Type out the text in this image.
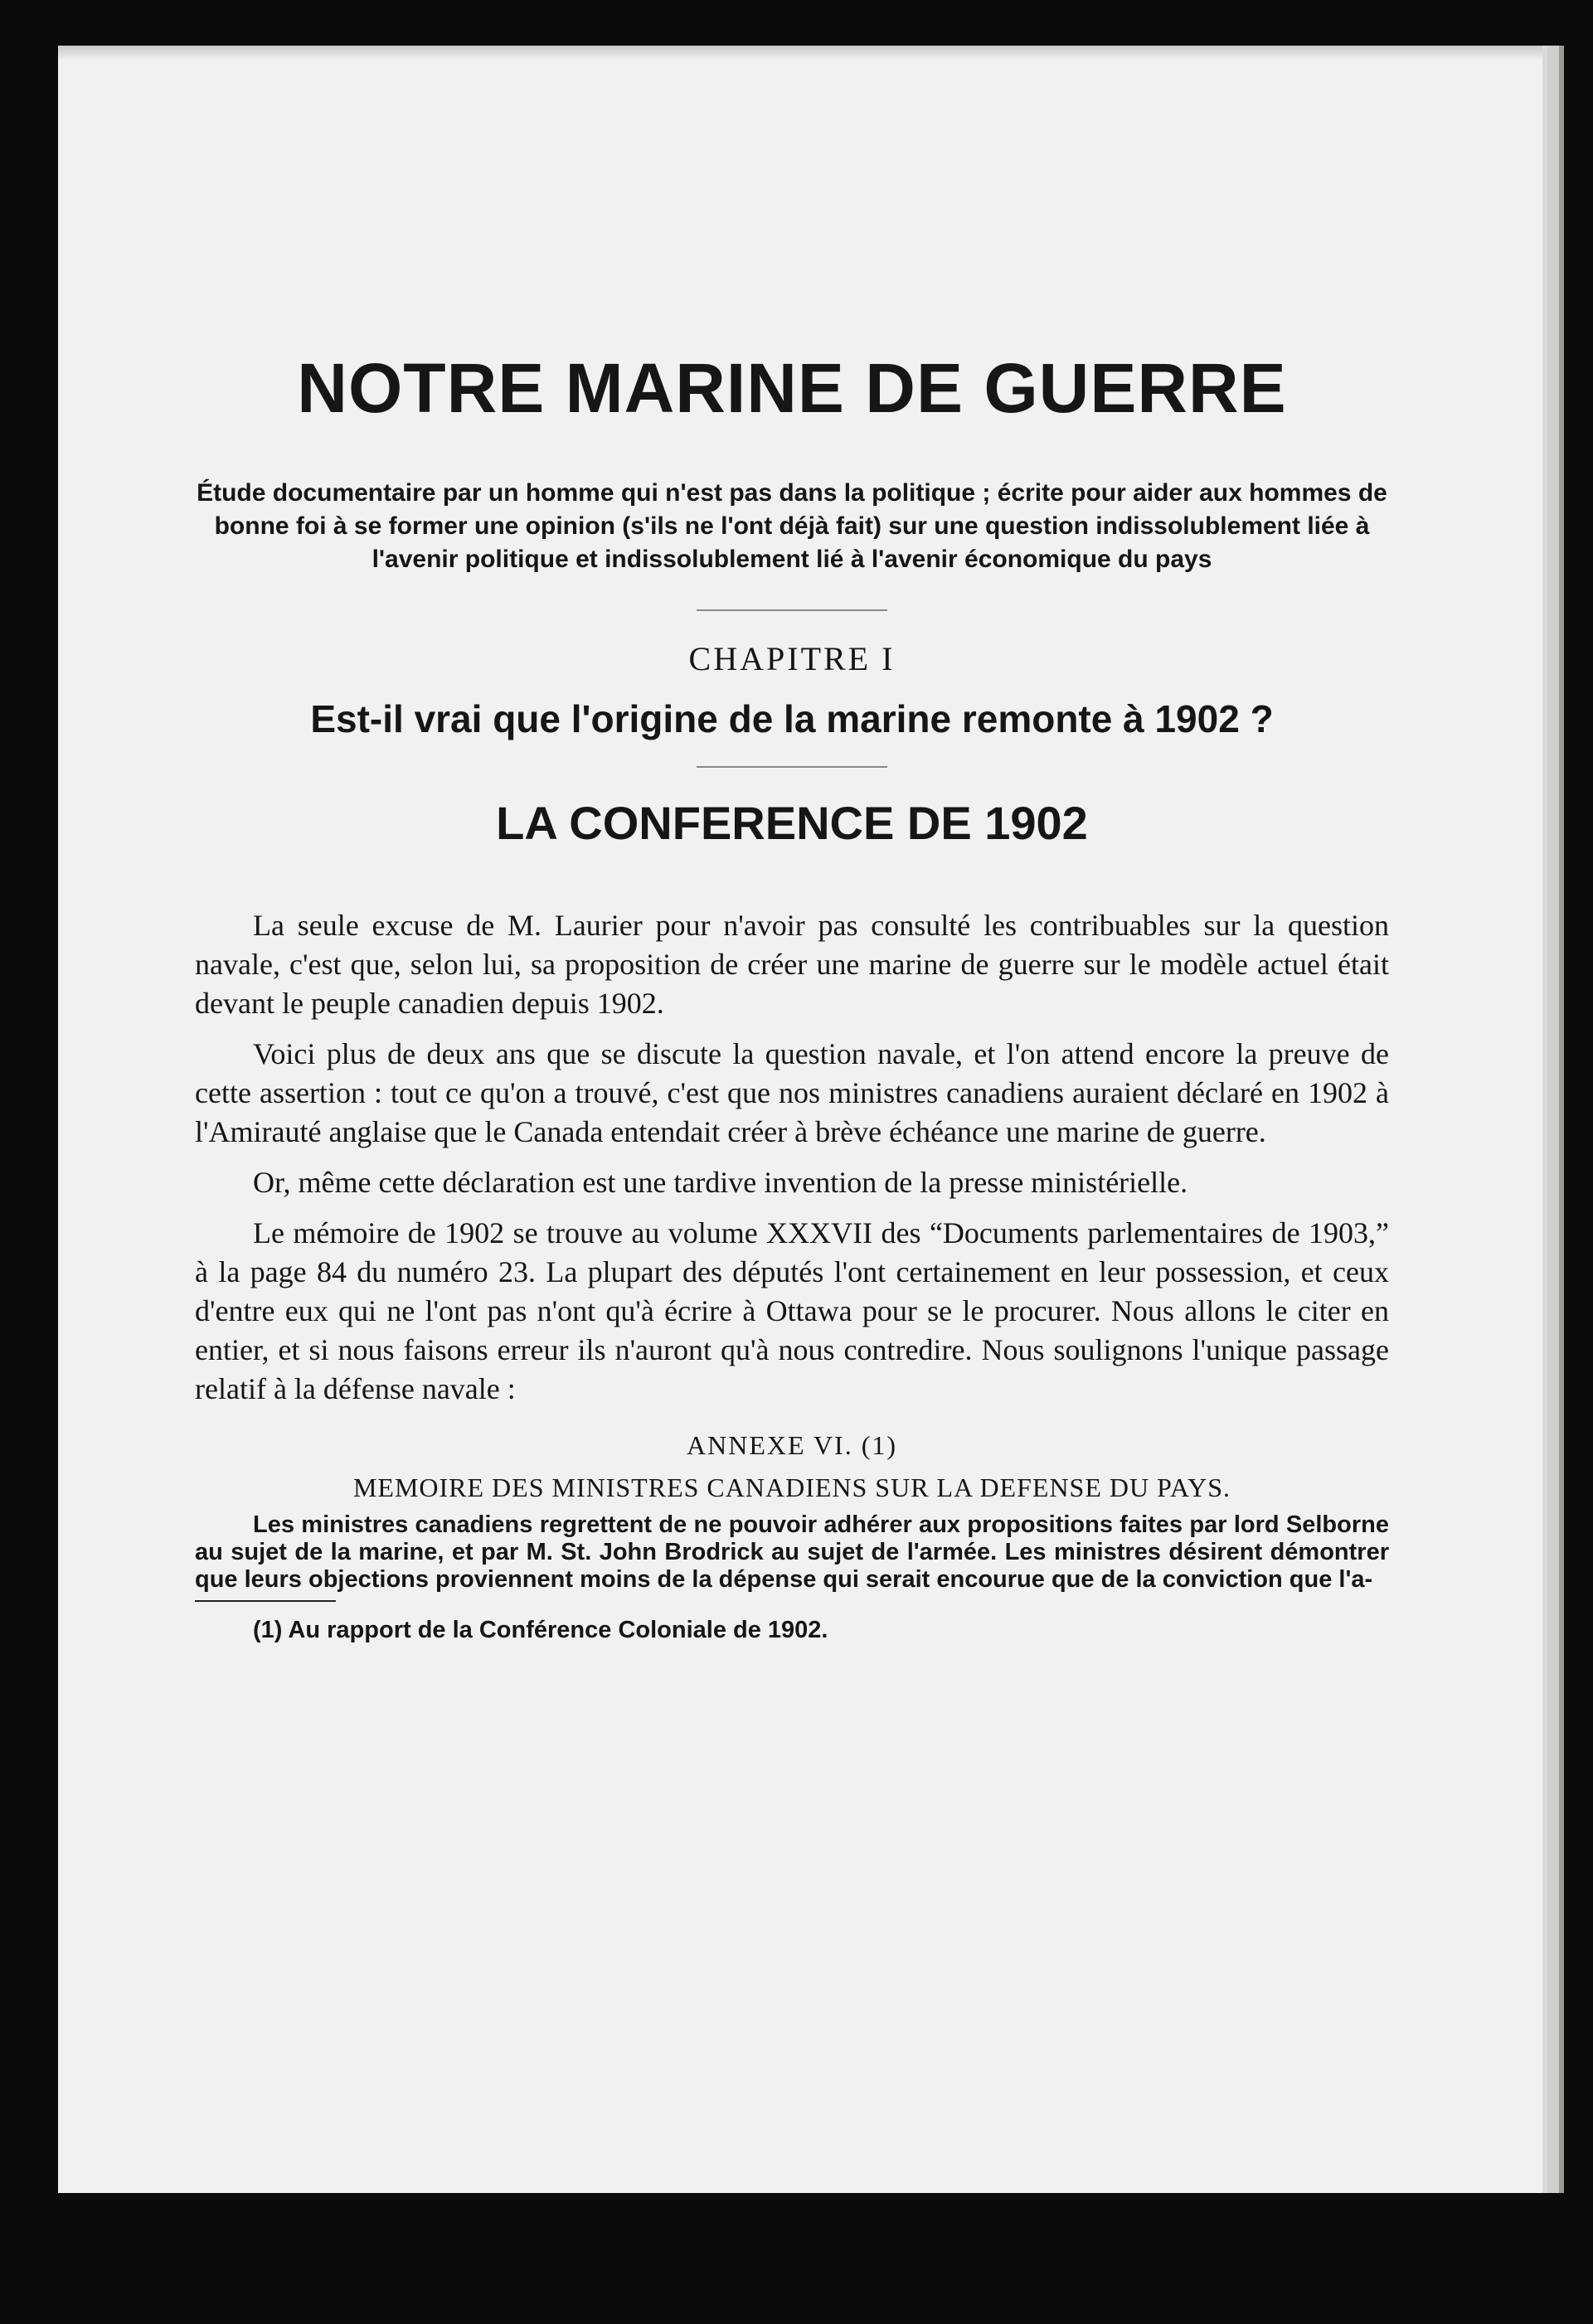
NOTRE MARINE DE GUERRE
Étude documentaire par un homme qui n'est pas dans la politique ; écrite pour aider aux hommes de bonne foi à se former une opinion (s'ils ne l'ont déjà fait) sur une question indissolublement liée à l'avenir politique et indissolublement lié à l'avenir économique du pays
CHAPITRE I
Est-il vrai que l'origine de la marine remonte à 1902 ?
LA CONFERENCE DE 1902

La seule excuse de M. Laurier pour n'avoir pas consulté les contribuables sur la question navale, c'est que, selon lui, sa proposition de créer une marine de guerre sur le modèle actuel était devant le peuple canadien depuis 1902.

Voici plus de deux ans que se discute la question navale, et l'on attend encore la preuve de cette assertion : tout ce qu'on a trouvé, c'est que nos ministres canadiens auraient déclaré en 1902 à l'Amirauté anglaise que le Canada entendait créer à brève échéance une marine de guerre.

Or, même cette déclaration est une tardive invention de la presse ministérielle.

Le mémoire de 1902 se trouve au volume XXXVII des “Documents parlementaires de 1903,” à la page 84 du numéro 23. La plupart des députés l'ont certainement en leur possession, et ceux d'entre eux qui ne l'ont pas n'ont qu'à écrire à Ottawa pour se le procurer. Nous allons le citer en entier, et si nous faisons erreur ils n'auront qu'à nous contredire. Nous soulignons l'unique passage relatif à la défense navale :

ANNEXE VI. (1)
MEMOIRE DES MINISTRES CANADIENS SUR LA DEFENSE DU PAYS.

Les ministres canadiens regrettent de ne pouvoir adhérer aux propositions faites par lord Selborne au sujet de la marine, et par M. St. John Brodrick au sujet de l'armée. Les ministres désirent démontrer que leurs objections proviennent moins de la dépense qui serait encourue que de la conviction que l'a-

(1) Au rapport de la Conférence Coloniale de 1902.
